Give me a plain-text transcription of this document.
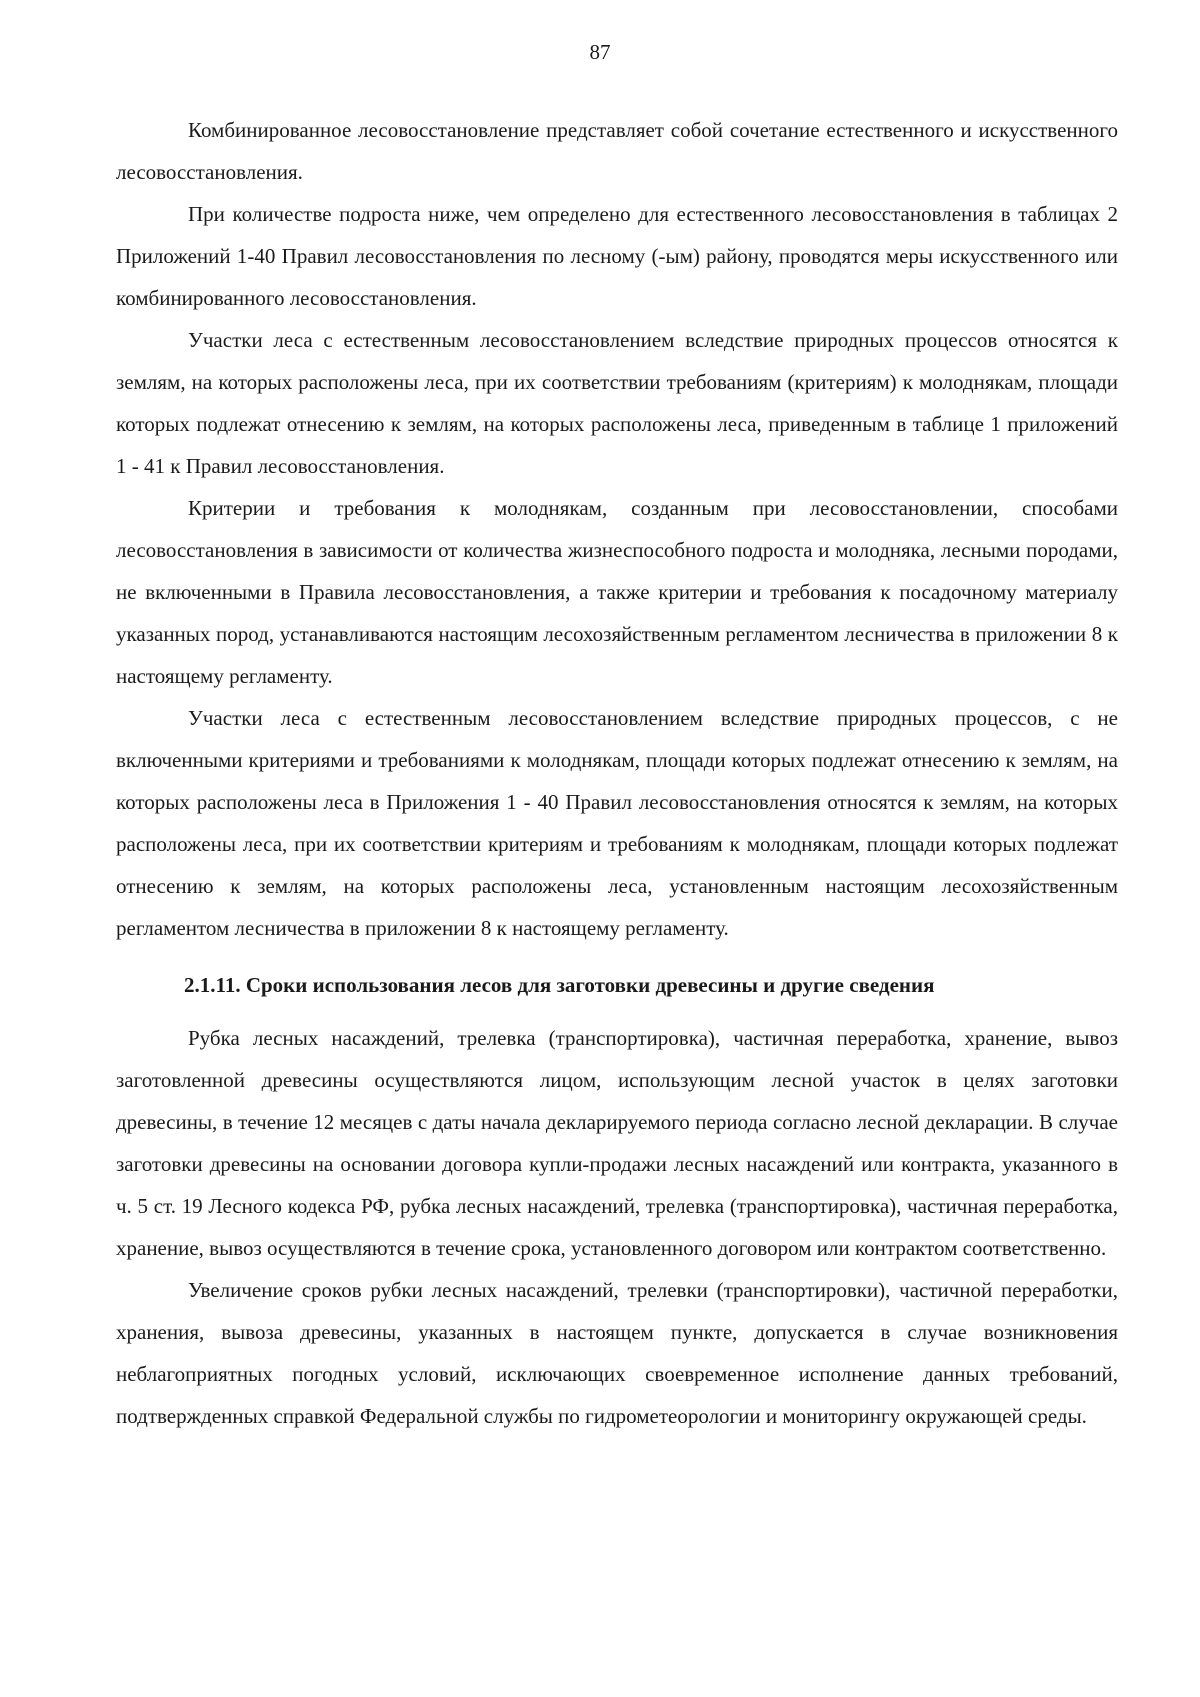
87

Комбинированное лесовосстановление представляет собой сочетание естественного и искусственного лесовосстановления.

При количестве подроста ниже, чем определено для естественного лесовосстановления в таблицах 2 Приложений 1-40 Правил лесовосстановления по лесному (-ым) району, проводятся меры искусственного или комбинированного лесовосстановления.

Участки леса с естественным лесовосстановлением вследствие природных процессов относятся к землям, на которых расположены леса, при их соответствии требованиям (критериям) к молоднякам, площади которых подлежат отнесению к землям, на которых расположены леса, приведенным в таблице 1 приложений 1 - 41 к Правил лесовосстановления.

Критерии и требования к молоднякам, созданным при лесовосстановлении, способами лесовосстановления в зависимости от количества жизнеспособного подроста и молодняка, лесными породами, не включенными в Правила лесовосстановления, а также критерии и требования к посадочному материалу указанных пород, устанавливаются настоящим лесохозяйственным регламентом лесничества в приложении 8 к настоящему регламенту.

Участки леса с естественным лесовосстановлением вследствие природных процессов, с не включенными критериями и требованиями к молоднякам, площади которых подлежат отнесению к землям, на которых расположены леса в Приложения 1 - 40 Правил лесовосстановления относятся к землям, на которых расположены леса, при их соответствии критериям и требованиям к молоднякам, площади которых подлежат отнесению к землям, на которых расположены леса, установленным настоящим лесохозяйственным регламентом лесничества в приложении 8 к настоящему регламенту.

2.1.11. Сроки использования лесов для заготовки древесины и другие сведения

Рубка лесных насаждений, трелевка (транспортировка), частичная переработка, хранение, вывоз заготовленной древесины осуществляются лицом, использующим лесной участок в целях заготовки древесины, в течение 12 месяцев с даты начала декларируемого периода согласно лесной декларации. В случае заготовки древесины на основании договора купли-продажи лесных насаждений или контракта, указанного в ч. 5 ст. 19 Лесного кодекса РФ, рубка лесных насаждений, трелевка (транспортировка), частичная переработка, хранение, вывоз осуществляются в течение срока, установленного договором или контрактом соответственно.

Увеличение сроков рубки лесных насаждений, трелевки (транспортировки), частичной переработки, хранения, вывоза древесины, указанных в настоящем пункте, допускается в случае возникновения неблагоприятных погодных условий, исключающих своевременное исполнение данных требований, подтвержденных справкой Федеральной службы по гидрометеорологии и мониторингу окружающей среды.
